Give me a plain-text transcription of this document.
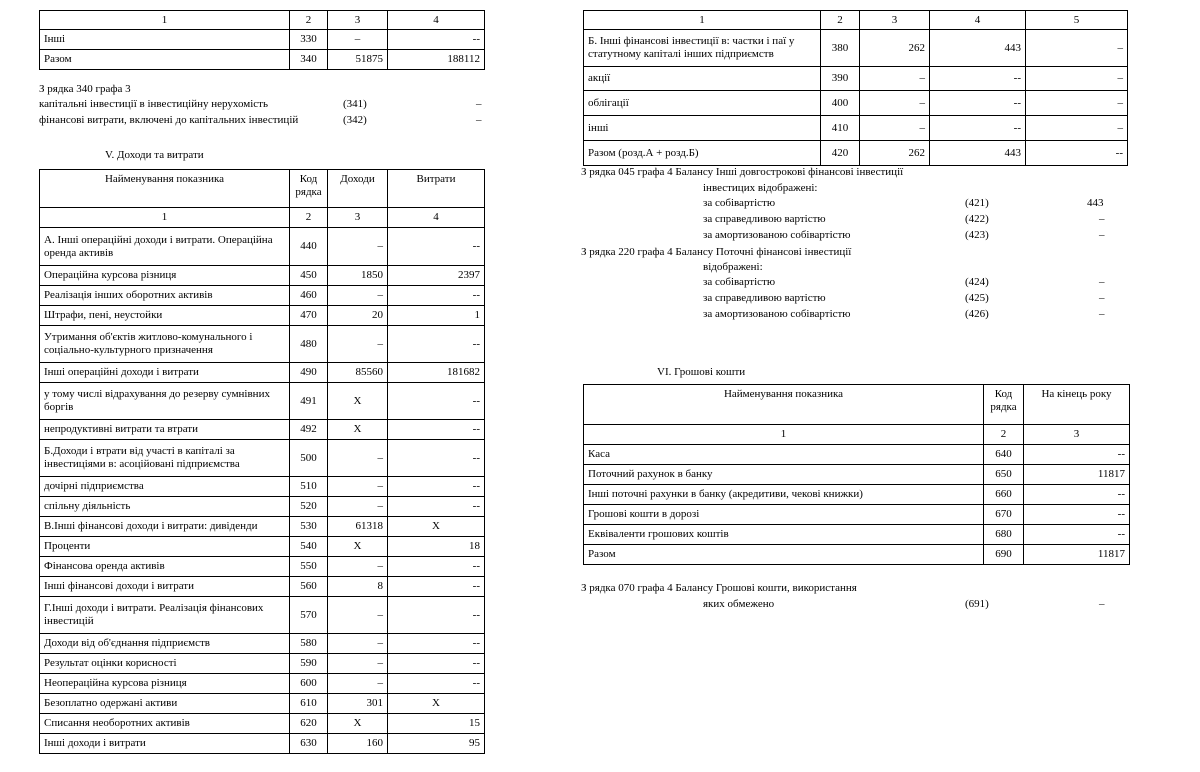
1	2	3	4
Інші	330	–	--
Разом	340	51875	188112
З рядка 340 графа 3
капітальні інвестиції в інвестиційну нерухомість	(341)	–
фінансові витрати, включені до капітальних інвестицій	(342)	–
V. Доходи та витрати
Найменування показника	Код рядка	Доходи	Витрати
1	2	3	4
А. Інші операційні доходи і витрати. Операційна оренда активів	440	–	--
Операційна курсова різниця	450	1850	2397
Реалізація інших оборотних активів	460	–	--
Штрафи, пені, неустойки	470	20	1
Утримання об'єктів житлово-комунального і соціально-культурного призначення	480	–	--
Інші операційні доходи і витрати	490	85560	181682
у тому числі відрахування до резерву сумнівних боргів	491	X	--
непродуктивні витрати та втрати	492	X	--
Б.Доходи і втрати від участі в капіталі за інвестиціями в: асоційовані підприємства	500	–	--
дочірні підприємства	510	–	--
спільну діяльність	520	–	--
В.Інші фінансові доходи і витрати: дивіденди	530	61318	X
Проценти	540	X	18
Фінансова оренда активів	550	–	--
Інші фінансові доходи і витрати	560	8	--
Г.Інші доходи і витрати. Реалізація фінансових інвестицій	570	–	--
Доходи від об'єднання підприємств	580	–	--
Результат оцінки корисності	590	–	--
Неопераційна курсова різниця	600	–	--
Безоплатно одержані активи	610	301	X
Списання необоротних активів	620	X	15
Інші доходи і витрати	630	160	95
1	2	3	4	5
Б. Інші фінансові інвестиції в: частки і паї у статутному капіталі інших підприємств	380	262	443	–
акції	390	–	--	–
облігації	400	–	--	–
інші	410	–	--	–
Разом (розд.А + розд.Б)	420	262	443	--
З рядка 045 графа 4 Балансу Інші довгострокові фінансові інвестиції
інвестицих відображені:
за собівартістю	(421)	443
за справедливою вартістю	(422)	–
за амортизованою собівартістю	(423)	–
З рядка 220 графа 4 Балансу Поточні фінансові інвестиції
відображені:
за собівартістю	(424)	–
за справедливою вартістю	(425)	–
за амортизованою собівартістю	(426)	–
VI. Грошові кошти
Найменування показника	Код рядка	На кінець року
1	2	3
Каса	640	--
Поточний рахунок в банку	650	11817
Інші поточні рахунки в банку (акредитиви, чекові книжки)	660	--
Грошові кошти в дорозі	670	--
Еквіваленти грошових коштів	680	--
Разом	690	11817
З рядка 070 графа 4 Балансу Грошові кошти, використання
яких обмежено	(691)	–
